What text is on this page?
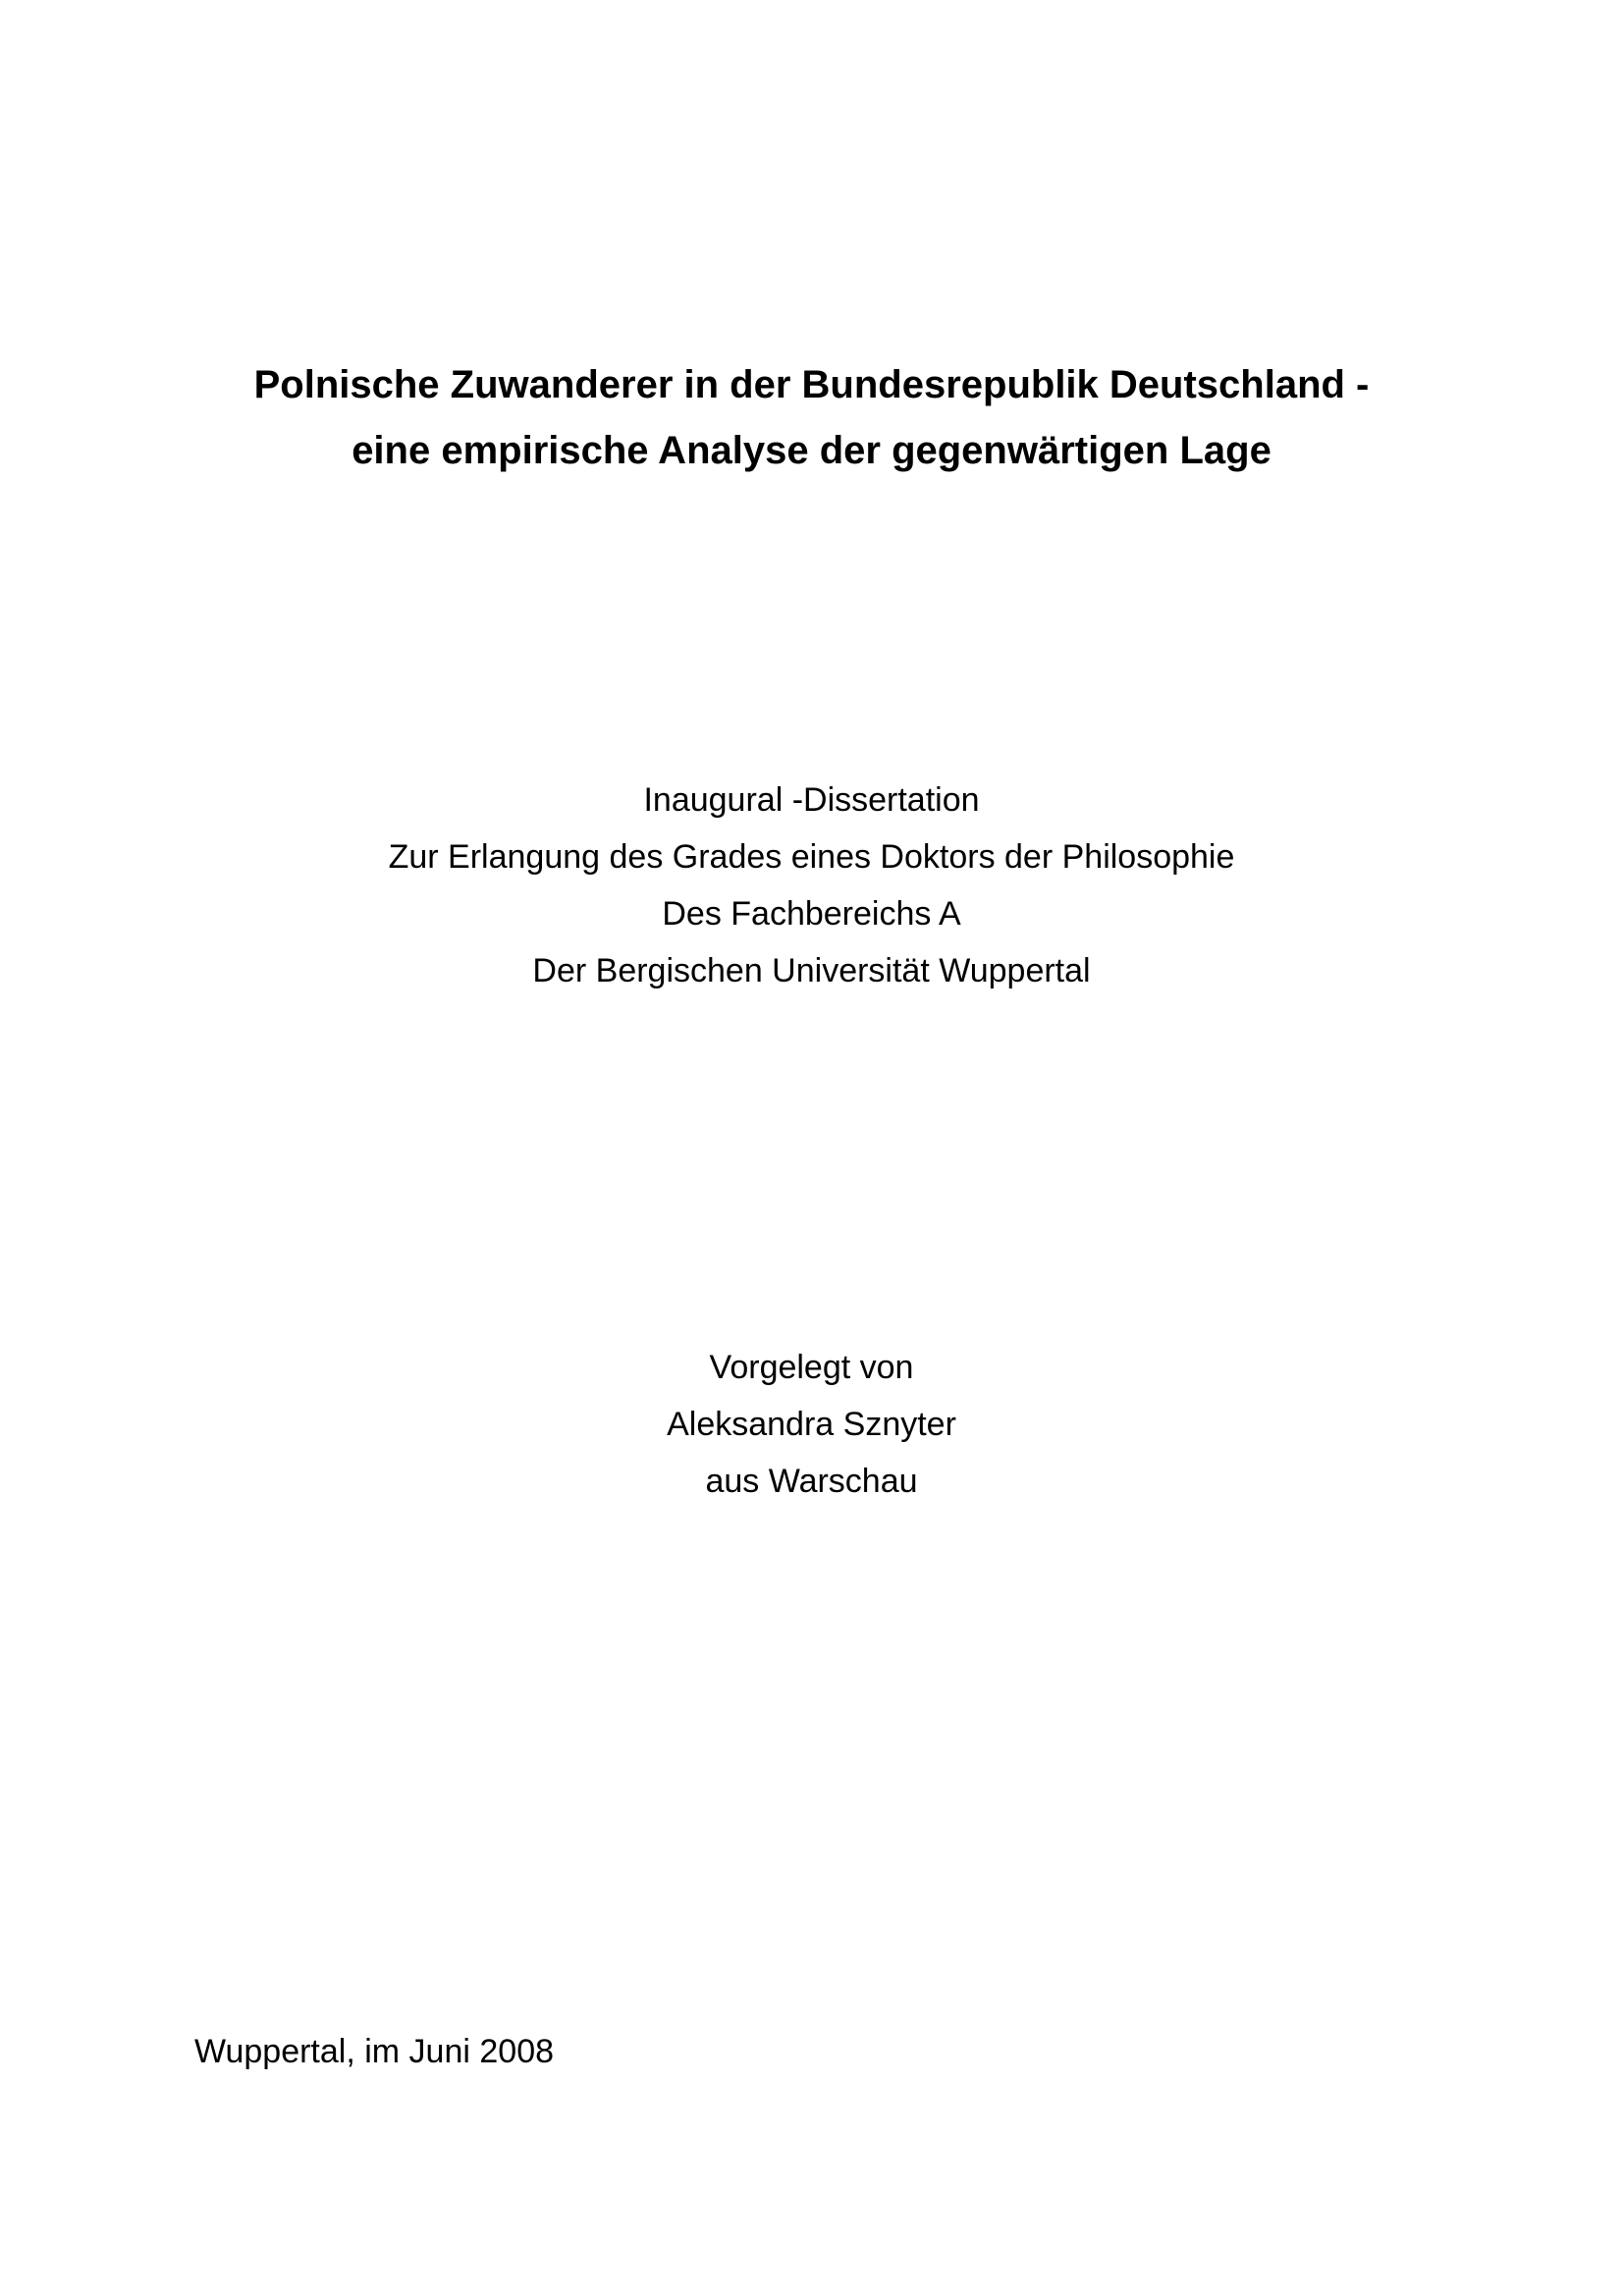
Polnische Zuwanderer in der Bundesrepublik Deutschland -
eine empirische Analyse der gegenwärtigen Lage
Inaugural -Dissertation
Zur Erlangung des Grades eines Doktors der Philosophie
Des Fachbereichs A
Der Bergischen Universität Wuppertal
Vorgelegt von
Aleksandra Sznyter
aus Warschau
Wuppertal, im Juni 2008
